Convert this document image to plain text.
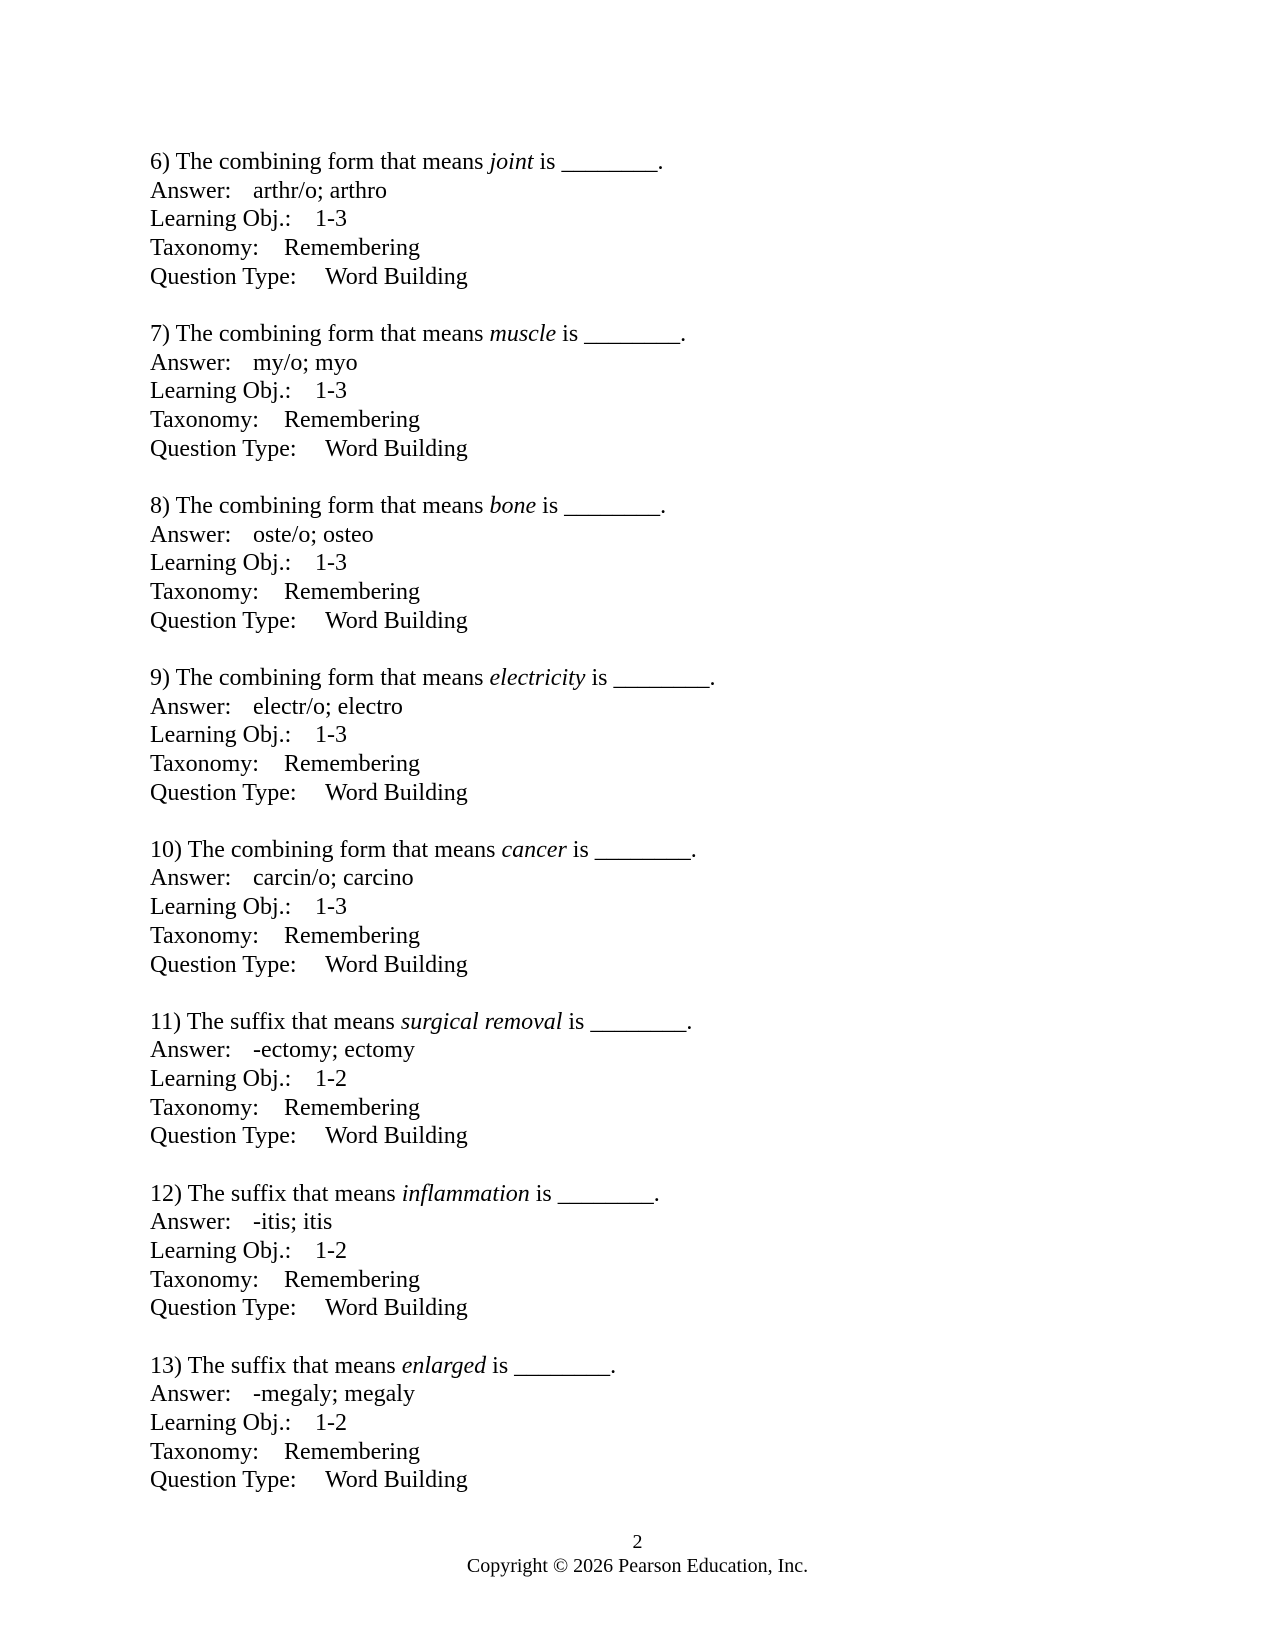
6) The combining form that means joint is ________.
Answer: arthr/o; arthro
Learning Obj.: 1-3
Taxonomy: Remembering
Question Type: Word Building
7) The combining form that means muscle is ________.
Answer: my/o; myo
Learning Obj.: 1-3
Taxonomy: Remembering
Question Type: Word Building
8) The combining form that means bone is ________.
Answer: oste/o; osteo
Learning Obj.: 1-3
Taxonomy: Remembering
Question Type: Word Building
9) The combining form that means electricity is ________.
Answer: electr/o; electro
Learning Obj.: 1-3
Taxonomy: Remembering
Question Type: Word Building
10) The combining form that means cancer is ________.
Answer: carcin/o; carcino
Learning Obj.: 1-3
Taxonomy: Remembering
Question Type: Word Building
11) The suffix that means surgical removal is ________.
Answer: -ectomy; ectomy
Learning Obj.: 1-2
Taxonomy: Remembering
Question Type: Word Building
12) The suffix that means inflammation is ________.
Answer: -itis; itis
Learning Obj.: 1-2
Taxonomy: Remembering
Question Type: Word Building
13) The suffix that means enlarged is ________.
Answer: -megaly; megaly
Learning Obj.: 1-2
Taxonomy: Remembering
Question Type: Word Building
2
Copyright © 2026 Pearson Education, Inc.
